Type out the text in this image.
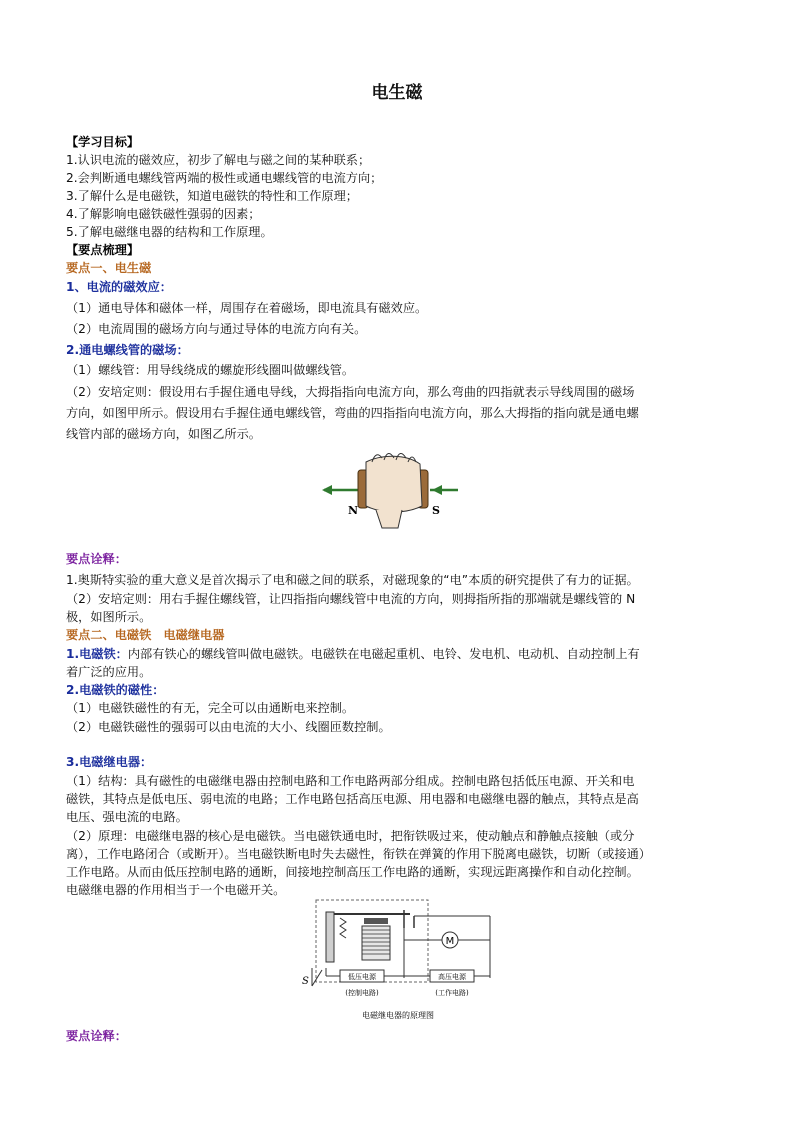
电生磁
【学习目标】
1.认识电流的磁效应，初步了解电与磁之间的某种联系；
2.会判断通电螺线管两端的极性或通电螺线管的电流方向；
3.了解什么是电磁铁，知道电磁铁的特性和工作原理；
4.了解影响电磁铁磁性强弱的因素；
5.了解电磁继电器的结构和工作原理。
【要点梳理】
要点一、电生磁
1、电流的磁效应：
（1）通电导体和磁体一样，周围存在着磁场，即电流具有磁效应。
（2）电流周围的磁场方向与通过导体的电流方向有关。
2.通电螺线管的磁场：
（1）螺线管：用导线绕成的螺旋形线圈叫做螺线管。
（2）安培定则：假设用右手握住通电导线，大拇指指向电流方向，那么弯曲的四指就表示导线周围的磁场
方向，如图甲所示。假设用右手握住通电螺线管，弯曲的四指指向电流方向，那么大拇指的指向就是通电螺
线管内部的磁场方向，如图乙所示。
N	S
要点诠释：
1.奥斯特实验的重大意义是首次揭示了电和磁之间的联系，对磁现象的“电”本质的研究提供了有力的证据。
（2）安培定则：用右手握住螺线管，让四指指向螺线管中电流的方向，则拇指所指的那端就是螺线管的 N
极，如图所示。
要点二、电磁铁　电磁继电器
1.电磁铁：内部有铁心的螺线管叫做电磁铁。电磁铁在电磁起重机、电铃、发电机、电动机、自动控制上有
着广泛的应用。
2.电磁铁的磁性：
（1）电磁铁磁性的有无，完全可以由通断电来控制。
（2）电磁铁磁性的强弱可以由电流的大小、线圈匝数控制。
3.电磁继电器：
（1）结构：具有磁性的电磁继电器由控制电路和工作电路两部分组成。控制电路包括低压电源、开关和电
磁铁，其特点是低电压、弱电流的电路；工作电路包括高压电源、用电器和电磁继电器的触点，其特点是高
电压、强电流的电路。
（2）原理：电磁继电器的核心是电磁铁。当电磁铁通电时，把衔铁吸过来，使动触点和静触点接触（或分
离），工作电路闭合（或断开）。当电磁铁断电时失去磁性，衔铁在弹簧的作用下脱离电磁铁，切断（或接通）
工作电路。从而由低压控制电路的通断，间接地控制高压工作电路的通断，实现远距离操作和自动化控制。
电磁继电器的作用相当于一个电磁开关。
M
S	低压电源
(控制电路)
高压电源
(工作电路)
电磁继电器的原理图
要点诠释：
